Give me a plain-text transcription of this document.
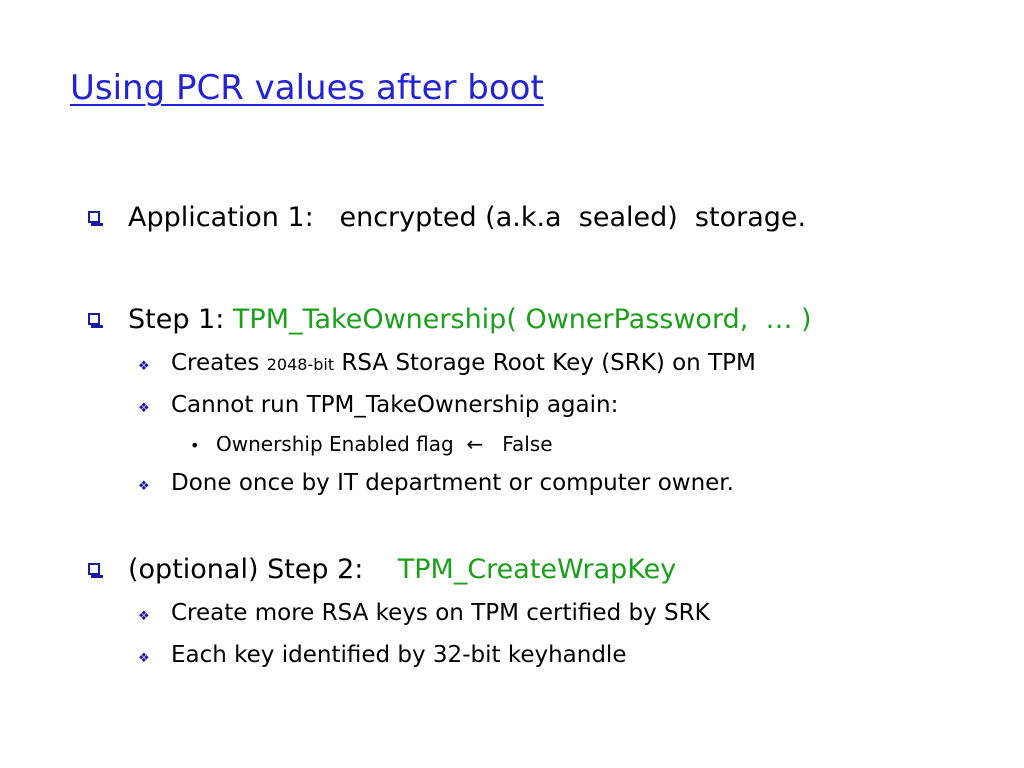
Using PCR values after boot
Application 1:   encrypted (a.k.a  sealed)  storage.
Step 1: TPM_TakeOwnership( OwnerPassword,  … )
❖ Creates 2048-bit RSA Storage Root Key (SRK) on TPM
❖ Cannot run TPM_TakeOwnership again:
• Ownership Enabled flag ← False
❖ Done once by IT department or computer owner.
(optional) Step 2: TPM_CreateWrapKey
❖ Create more RSA keys on TPM certified by SRK
❖ Each key identified by 32-bit keyhandle
